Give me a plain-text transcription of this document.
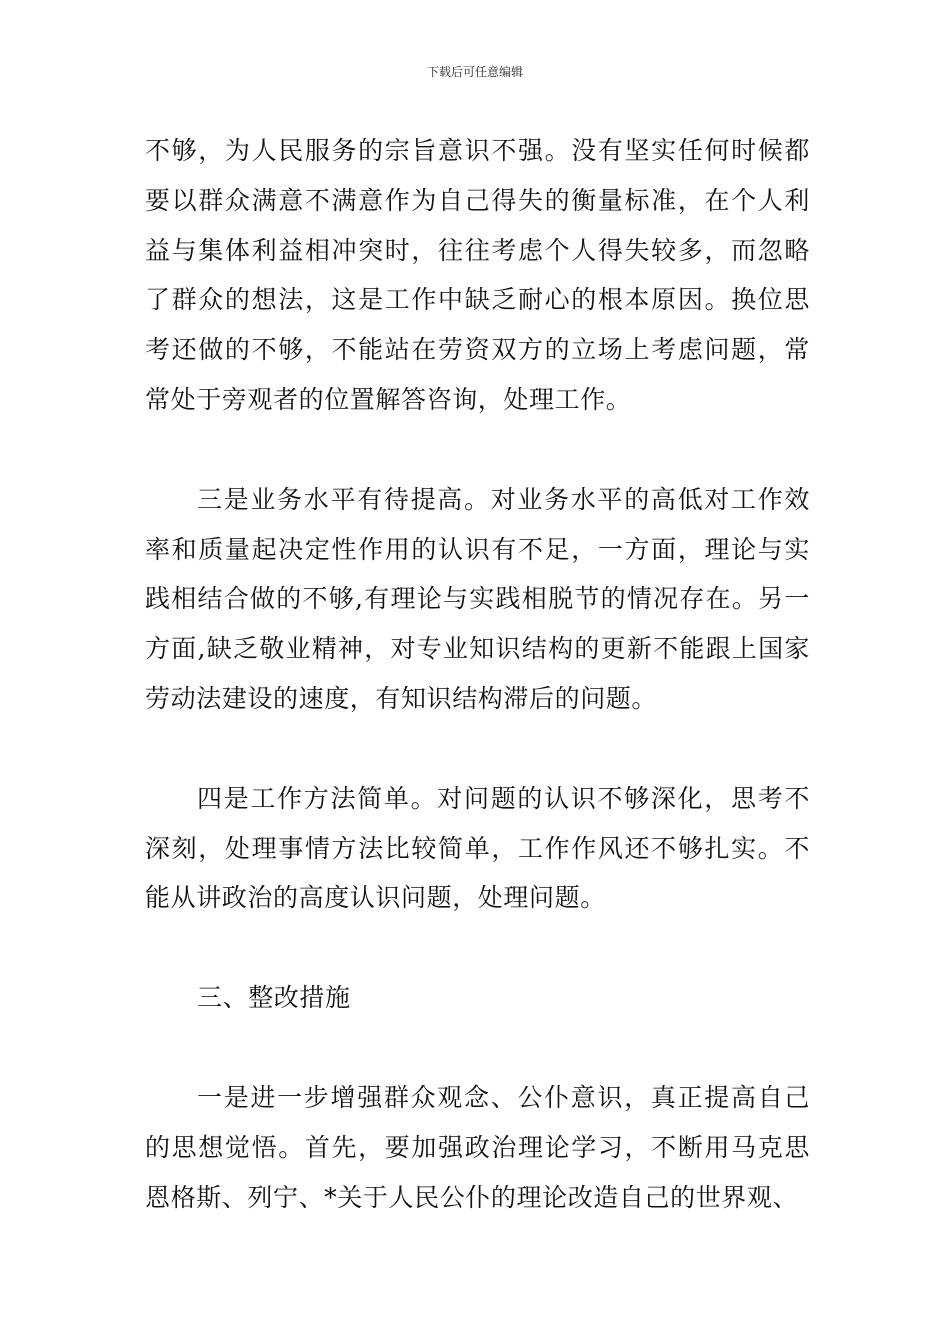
下载后可任意编辑

不够，为人民服务的宗旨意识不强。没有坚实任何时候都要以群众满意不满意作为自己得失的衡量标准，在个人利益与集体利益相冲突时，往往考虑个人得失较多，而忽略了群众的想法，这是工作中缺乏耐心的根本原因。换位思考还做的不够，不能站在劳资双方的立场上考虑问题，常常处于旁观者的位置解答咨询，处理工作。

三是业务水平有待提高。对业务水平的高低对工作效率和质量起决定性作用的认识有不足，一方面，理论与实践相结合做的不够,有理论与实践相脱节的情况存在。另一方面,缺乏敬业精神，对专业知识结构的更新不能跟上国家劳动法建设的速度，有知识结构滞后的问题。

四是工作方法简单。对问题的认识不够深化，思考不深刻，处理事情方法比较简单，工作作风还不够扎实。不能从讲政治的高度认识问题，处理问题。

三、整改措施

一是进一步增强群众观念、公仆意识，真正提高自己的思想觉悟。首先，要加强政治理论学习，不断用马克思恩格斯、列宁、*关于人民公仆的理论改造自己的世界观、
